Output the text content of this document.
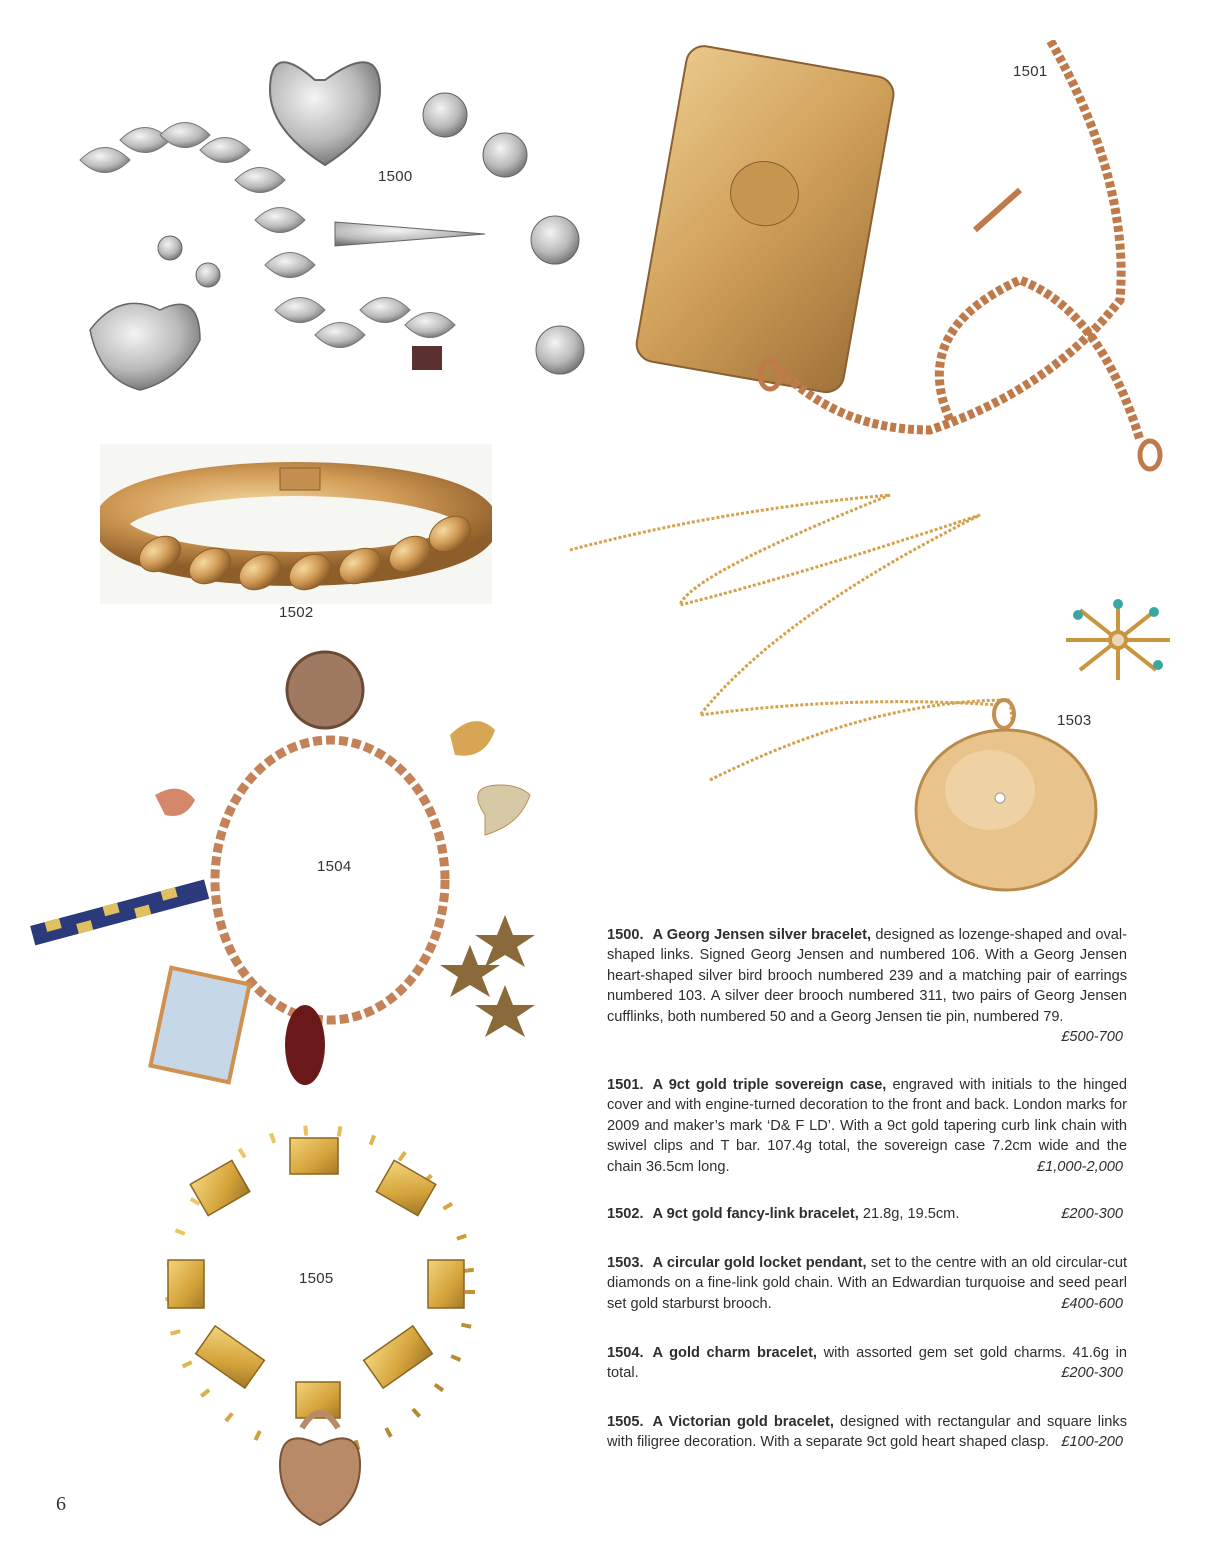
1500
1501
1502
1503
1504
1505
1500. A Georg Jensen silver bracelet, designed as lozenge-shaped and oval-shaped links. Signed Georg Jensen and numbered 106. With a Georg Jensen heart-shaped silver bird brooch numbered 239 and a matching pair of earrings numbered 103. A silver deer brooch numbered 311, two pairs of Georg Jensen cufflinks, both numbered 50 and a Georg Jensen tie pin, numbered 79.
£500-700
1501. A 9ct gold triple sovereign case, engraved with initials to the hinged cover and with engine-turned decoration to the front and back. London marks for 2009 and maker’s mark ‘D& F LD’. With a 9ct gold tapering curb link chain with swivel clips and T bar. 107.4g total, the sovereign case 7.2cm wide and the chain 36.5cm long.	£1,000-2,000
1502. A 9ct gold fancy-link bracelet, 21.8g, 19.5cm.	£200-300
1503. A circular gold locket pendant, set to the centre with an old circular-cut diamonds on a fine-link gold chain. With an Edwardian turquoise and seed pearl set gold starburst brooch.	£400-600
1504. A gold charm bracelet, with assorted gem set gold charms. 41.6g in total.	£200-300
1505. A Victorian gold bracelet, designed with rectangular and square links with filigree decoration. With a separate 9ct gold heart shaped clasp. £100-200
6
